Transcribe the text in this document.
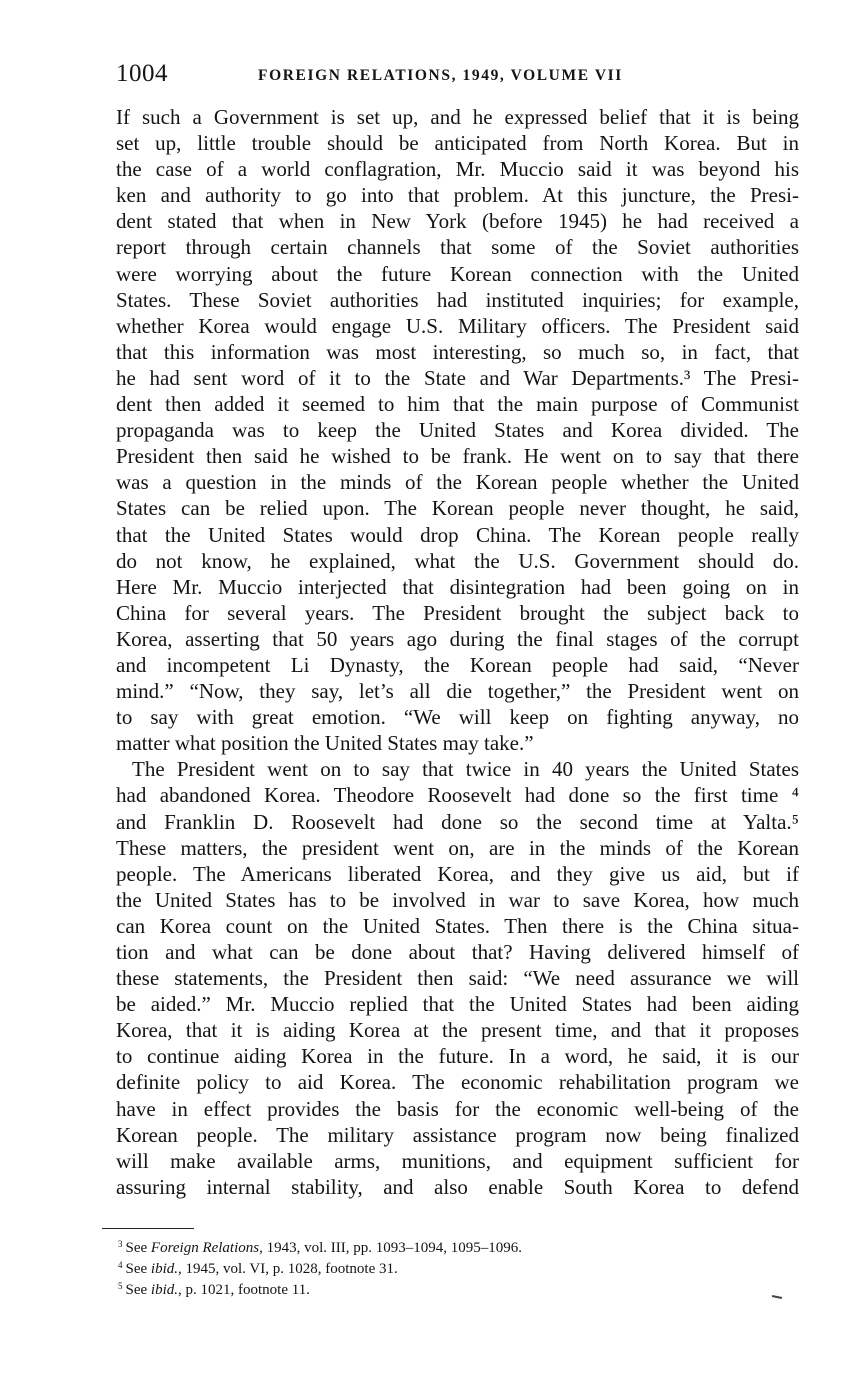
1004	FOREIGN RELATIONS, 1949, VOLUME VII
If such a Government is set up, and he expressed belief that it is being
set up, little trouble should be anticipated from North Korea. But in
the case of a world conflagration, Mr. Muccio said it was beyond his
ken and authority to go into that problem. At this juncture, the Presi-
dent stated that when in New York (before 1945) he had received a
report through certain channels that some of the Soviet authorities
were worrying about the future Korean connection with the United
States. These Soviet authorities had instituted inquiries; for example,
whether Korea would engage U.S. Military officers. The President said
that this information was most interesting, so much so, in fact, that
he had sent word of it to the State and War Departments.³ The Presi-
dent then added it seemed to him that the main purpose of Communist
propaganda was to keep the United States and Korea divided. The
President then said he wished to be frank. He went on to say that there
was a question in the minds of the Korean people whether the United
States can be relied upon. The Korean people never thought, he said,
that the United States would drop China. The Korean people really
do not know, he explained, what the U.S. Government should do.
Here Mr. Muccio interjected that disintegration had been going on in
China for several years. The President brought the subject back to
Korea, asserting that 50 years ago during the final stages of the corrupt
and incompetent Li Dynasty, the Korean people had said, “Never
mind.” “Now, they say, let’s all die together,” the President went on
to say with great emotion. “We will keep on fighting anyway, no
matter what position the United States may take.”
The President went on to say that twice in 40 years the United States
had abandoned Korea. Theodore Roosevelt had done so the first time ⁴
and Franklin D. Roosevelt had done so the second time at Yalta.⁵
These matters, the president went on, are in the minds of the Korean
people. The Americans liberated Korea, and they give us aid, but if
the United States has to be involved in war to save Korea, how much
can Korea count on the United States. Then there is the China situa-
tion and what can be done about that? Having delivered himself of
these statements, the President then said: “We need assurance we will
be aided.” Mr. Muccio replied that the United States had been aiding
Korea, that it is aiding Korea at the present time, and that it proposes
to continue aiding Korea in the future. In a word, he said, it is our
definite policy to aid Korea. The economic rehabilitation program we
have in effect provides the basis for the economic well-being of the
Korean people. The military assistance program now being finalized
will make available arms, munitions, and equipment sufficient for
assuring internal stability, and also enable South Korea to defend
$^3$ See Foreign Relations, 1943, vol. III, pp. 1093–1094, 1095–1096.
$^4$ See ibid., 1945, vol. VI, p. 1028, footnote 31.
$^5$ See ibid., p. 1021, footnote 11.
